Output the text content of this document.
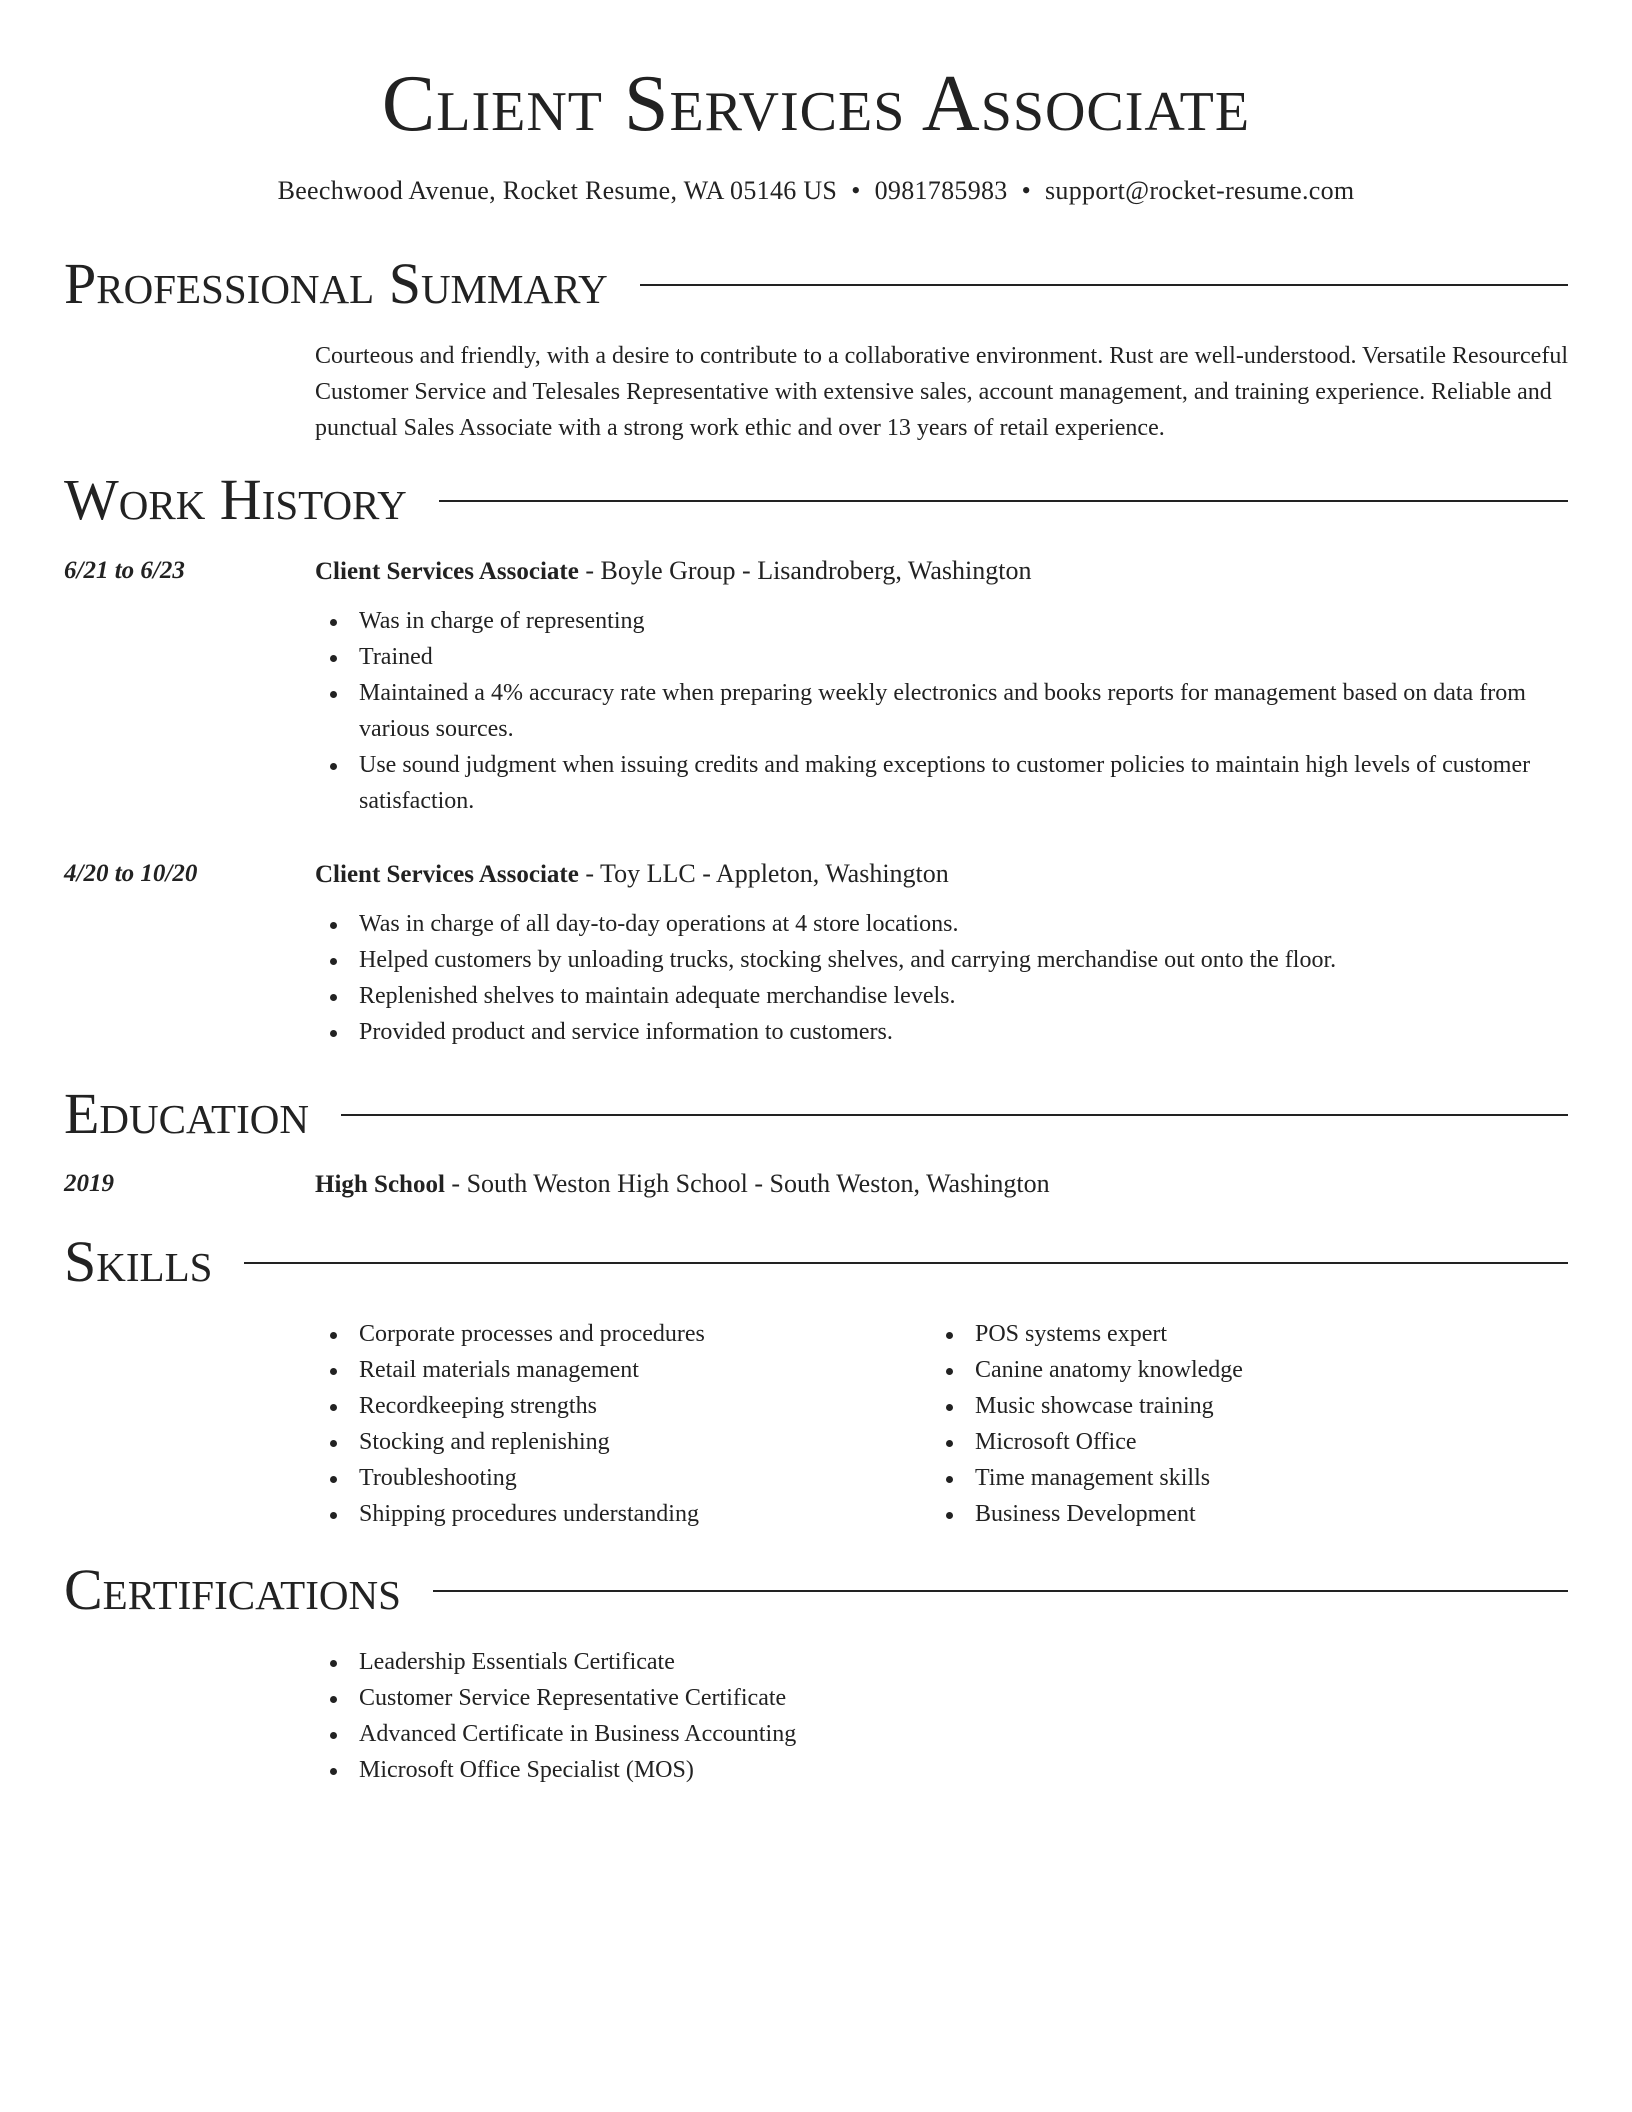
Client Services Associate
Beechwood Avenue, Rocket Resume, WA 05146 US • 0981785983 • support@rocket-resume.com
Professional Summary
Courteous and friendly, with a desire to contribute to a collaborative environment. Rust are well-understood. Versatile Resourceful Customer Service and Telesales Representative with extensive sales, account management, and training experience. Reliable and punctual Sales Associate with a strong work ethic and over 13 years of retail experience.
Work History
6/21 to 6/23	Client Services Associate - Boyle Group - Lisandroberg, Washington
Was in charge of representing
Trained
Maintained a 4% accuracy rate when preparing weekly electronics and books reports for management based on data from various sources.
Use sound judgment when issuing credits and making exceptions to customer policies to maintain high levels of customer satisfaction.
4/20 to 10/20	Client Services Associate - Toy LLC - Appleton, Washington
Was in charge of all day-to-day operations at 4 store locations.
Helped customers by unloading trucks, stocking shelves, and carrying merchandise out onto the floor.
Replenished shelves to maintain adequate merchandise levels.
Provided product and service information to customers.
Education
2019	High School - South Weston High School - South Weston, Washington
Skills
Corporate processes and procedures
Retail materials management
Recordkeeping strengths
Stocking and replenishing
Troubleshooting
Shipping procedures understanding
POS systems expert
Canine anatomy knowledge
Music showcase training
Microsoft Office
Time management skills
Business Development
Certifications
Leadership Essentials Certificate
Customer Service Representative Certificate
Advanced Certificate in Business Accounting
Microsoft Office Specialist (MOS)
